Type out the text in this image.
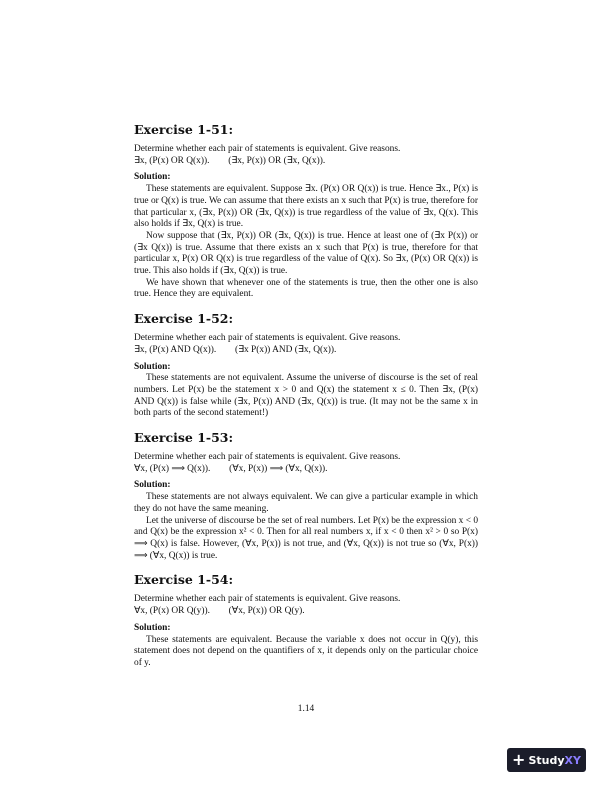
Exercise 1-51:

Determine whether each pair of statements is equivalent. Give reasons.

∃x, (P(x) OR Q(x)).        (∃x, P(x)) OR (∃x, Q(x)).
Solution:

These statements are equivalent. Suppose ∃x. (P(x) OR Q(x)) is true. Hence ∃x., P(x) is true or Q(x) is true. We can assume that there exists an x such that P(x) is true, therefore for that particular x, (∃x, P(x)) OR (∃x, Q(x)) is true regardless of the value of ∃x, Q(x). This also holds if ∃x, Q(x) is true.

Now suppose that (∃x, P(x)) OR (∃x, Q(x)) is true. Hence at least one of (∃x P(x)) or (∃x Q(x)) is true. Assume that there exists an x such that P(x) is true, therefore for that particular x, P(x) OR Q(x) is true regardless of the value of Q(x). So ∃x, (P(x) OR Q(x)) is true. This also holds if (∃x, Q(x)) is true.

We have shown that whenever one of the statements is true, then the other one is also true. Hence they are equivalent.

Exercise 1-52:

Determine whether each pair of statements is equivalent. Give reasons.

∃x, (P(x) AND Q(x)).        (∃x P(x)) AND (∃x, Q(x)).
Solution:

These statements are not equivalent. Assume the universe of discourse is the set of real numbers. Let P(x) be the statement x > 0 and Q(x) the statement x ≤ 0. Then ∃x, (P(x) AND Q(x)) is false while (∃x, P(x)) AND (∃x, Q(x)) is true. (It may not be the same x in both parts of the second statement!)

Exercise 1-53:

Determine whether each pair of statements is equivalent. Give reasons.

∀x, (P(x) ⟹ Q(x)).        (∀x, P(x)) ⟹ (∀x, Q(x)).
Solution:

These statements are not always equivalent. We can give a particular example in which they do not have the same meaning.

Let the universe of discourse be the set of real numbers. Let P(x) be the expression x < 0 and Q(x) be the expression x² < 0. Then for all real numbers x, if x < 0 then x² > 0 so P(x) ⟹ Q(x) is false. However, (∀x, P(x)) is not true, and (∀x, Q(x)) is not true so (∀x, P(x)) ⟹ (∀x, Q(x)) is true.

Exercise 1-54:

Determine whether each pair of statements is equivalent. Give reasons.

∀x, (P(x) OR Q(y)).        (∀x, P(x)) OR Q(y).
Solution:

These statements are equivalent. Because the variable x does not occur in Q(y), this statement does not depend on the quantifiers of x, it depends only on the particular choice of y.

1.14
+ StudyXY
